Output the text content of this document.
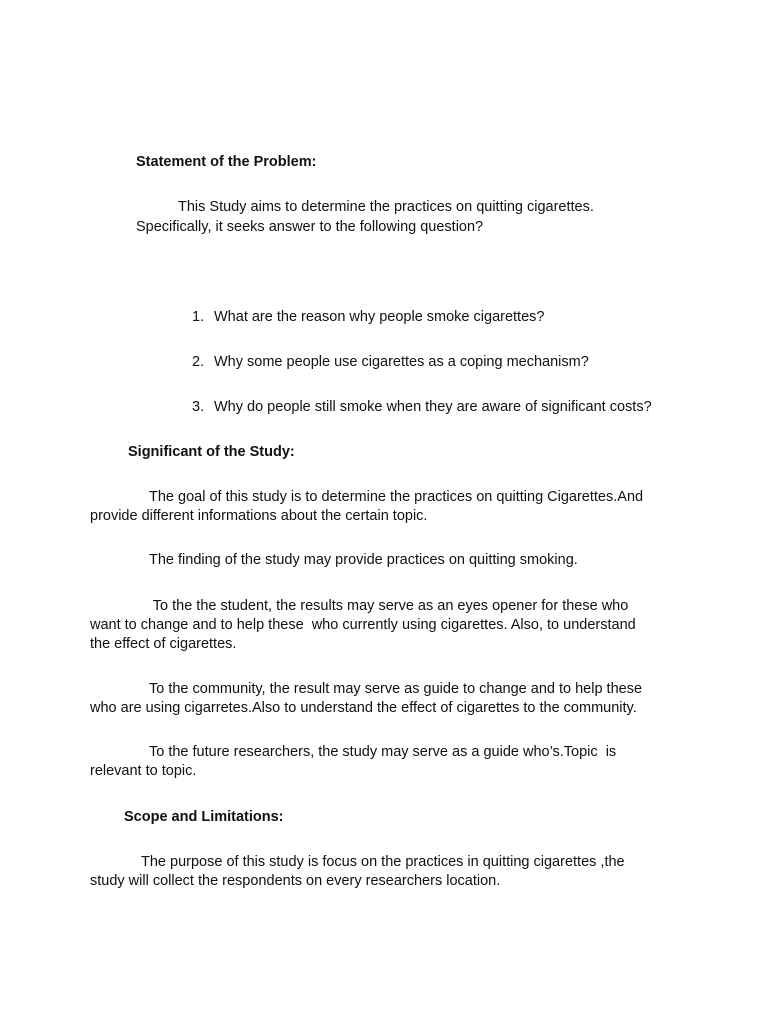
Statement of the Problem:
This Study aims to determine the practices on quitting cigarettes.
Specifically, it seeks answer to the following question?
1. What are the reason why people smoke cigarettes?
2. Why some people use cigarettes as a coping mechanism?
3. Why do people still smoke when they are aware of significant costs?
Significant of the Study:
The goal of this study is to determine the practices on quitting Cigarettes.And
provide different informations about the certain topic.
The finding of the study may provide practices on quitting smoking.
To the the student, the results may serve as an eyes opener for these who
want to change and to help these  who currently using cigarettes. Also, to understand
the effect of cigarettes.
To the community, the result may serve as guide to change and to help these
who are using cigarretes.Also to understand the effect of cigarettes to the community.
To the future researchers, the study may serve as a guide who’s.Topic  is
relevant to topic.
Scope and Limitations:
The purpose of this study is focus on the practices in quitting cigarettes ,the
study will collect the respondents on every researchers location.
